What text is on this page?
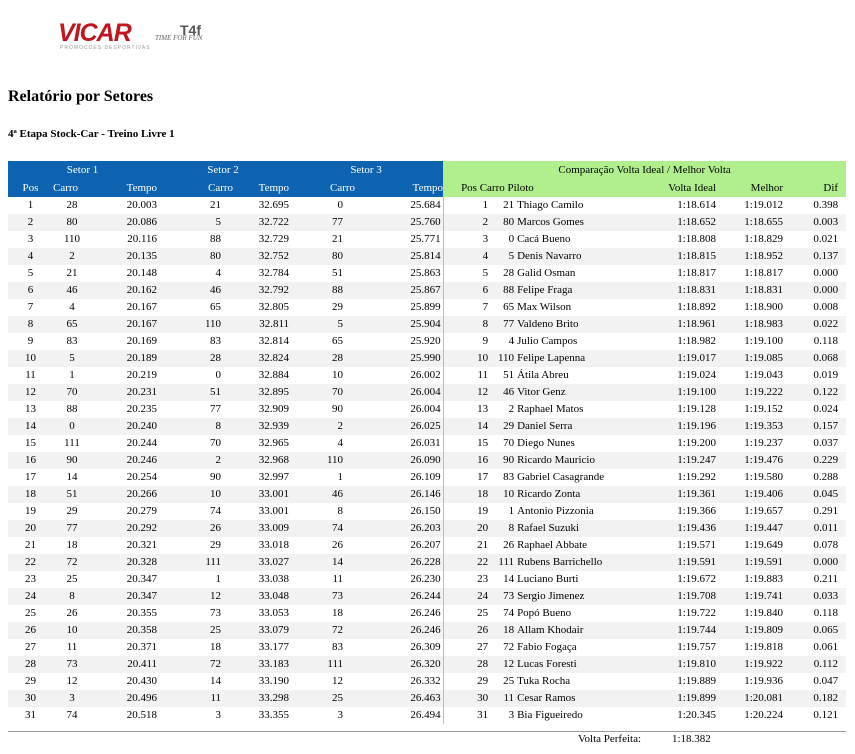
VICAR
PROMOCOES DESPORTIVAS
TIME FOR FUN
T4f
Relatório por Setores
4ª Etapa Stock-Car - Treino Livre 1
Setor 1			Setor 2		Setor 3		Comparação Volta Ideal / Melhor Volta					
Pos	Carro	Tempo	Carro	Tempo	Carro	Tempo	Pos Carro Piloto			Volta Ideal	Melhor	Dif
1	28	20.003	21	32.695	0	25.684	1	21	Thiago Camilo	1:18.614	1:19.012	0.398
2	80	20.086	5	32.722	77	25.760	2	80	Marcos Gomes	1:18.652	1:18.655	0.003
3	110	20.116	88	32.729	21	25.771	3	0	Cacá Bueno	1:18.808	1:18.829	0.021
4	2	20.135	80	32.752	80	25.814	4	5	Denis Navarro	1:18.815	1:18.952	0.137
5	21	20.148	4	32.784	51	25.863	5	28	Galid Osman	1:18.817	1:18.817	0.000
6	46	20.162	46	32.792	88	25.867	6	88	Felipe Fraga	1:18.831	1:18.831	0.000
7	4	20.167	65	32.805	29	25.899	7	65	Max Wilson	1:18.892	1:18.900	0.008
8	65	20.167	110	32.811	5	25.904	8	77	Valdeno Brito	1:18.961	1:18.983	0.022
9	83	20.169	83	32.814	65	25.920	9	4	Julio Campos	1:18.982	1:19.100	0.118
10	5	20.189	28	32.824	28	25.990	10	110	Felipe Lapenna	1:19.017	1:19.085	0.068
11	1	20.219	0	32.884	10	26.002	11	51	Átila Abreu	1:19.024	1:19.043	0.019
12	70	20.231	51	32.895	70	26.004	12	46	Vitor Genz	1:19.100	1:19.222	0.122
13	88	20.235	77	32.909	90	26.004	13	2	Raphael Matos	1:19.128	1:19.152	0.024
14	0	20.240	8	32.939	2	26.025	14	29	Daniel Serra	1:19.196	1:19.353	0.157
15	111	20.244	70	32.965	4	26.031	15	70	Diego Nunes	1:19.200	1:19.237	0.037
16	90	20.246	2	32.968	110	26.090	16	90	Ricardo Mauricio	1:19.247	1:19.476	0.229
17	14	20.254	90	32.997	1	26.109	17	83	Gabriel Casagrande	1:19.292	1:19.580	0.288
18	51	20.266	10	33.001	46	26.146	18	10	Ricardo Zonta	1:19.361	1:19.406	0.045
19	29	20.279	74	33.001	8	26.150	19	1	Antonio Pizzonia	1:19.366	1:19.657	0.291
20	77	20.292	26	33.009	74	26.203	20	8	Rafael Suzuki	1:19.436	1:19.447	0.011
21	18	20.321	29	33.018	26	26.207	21	26	Raphael Abbate	1:19.571	1:19.649	0.078
22	72	20.328	111	33.027	14	26.228	22	111	Rubens Barrichello	1:19.591	1:19.591	0.000
23	25	20.347	1	33.038	11	26.230	23	14	Luciano Burti	1:19.672	1:19.883	0.211
24	8	20.347	12	33.048	73	26.244	24	73	Sergio Jimenez	1:19.708	1:19.741	0.033
25	26	20.355	73	33.053	18	26.246	25	74	Popó Bueno	1:19.722	1:19.840	0.118
26	10	20.358	25	33.079	72	26.246	26	18	Allam Khodair	1:19.744	1:19.809	0.065
27	11	20.371	18	33.177	83	26.309	27	72	Fabio Fogaça	1:19.757	1:19.818	0.061
28	73	20.411	72	33.183	111	26.320	28	12	Lucas Foresti	1:19.810	1:19.922	0.112
29	12	20.430	14	33.190	12	26.332	29	25	Tuka Rocha	1:19.889	1:19.936	0.047
30	3	20.496	11	33.298	25	26.463	30	11	Cesar Ramos	1:19.899	1:20.081	0.182
31	74	20.518	3	33.355	3	26.494	31	3	Bia Figueiredo	1:20.345	1:20.224	0.121
Volta Perfeita:	1:18.382
